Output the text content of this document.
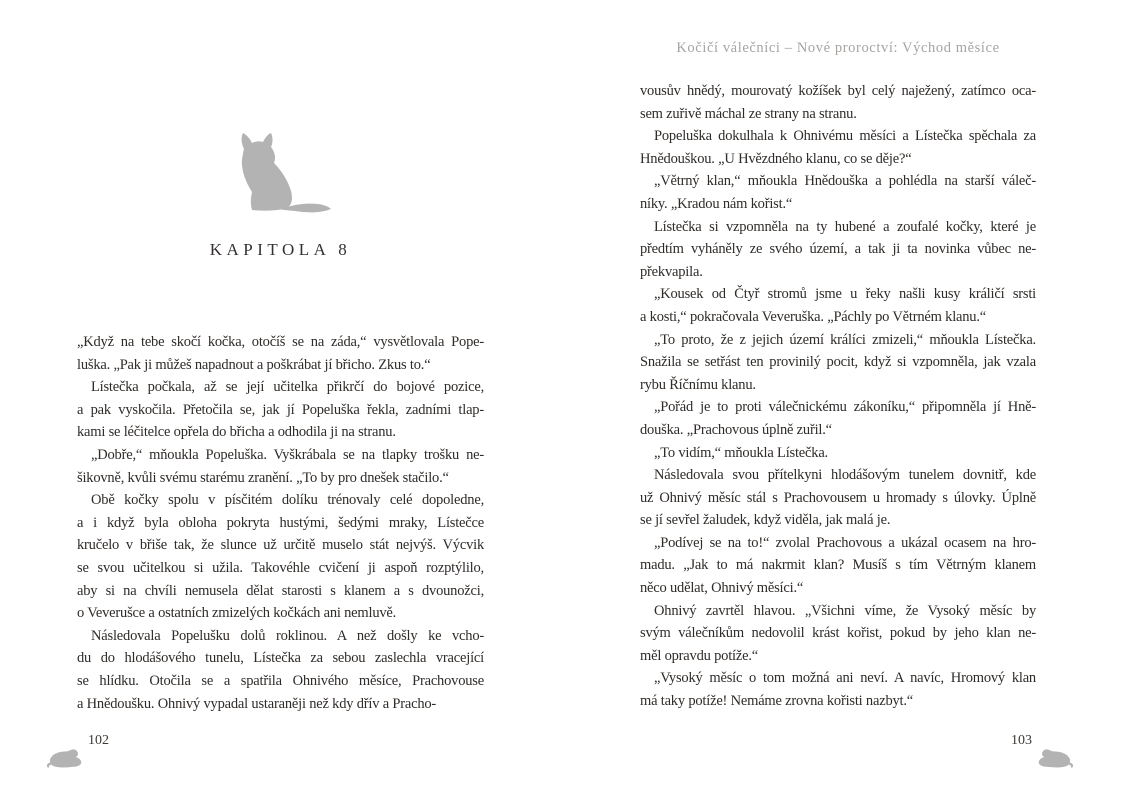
Kočičí válečníci – Nové proroctví: Východ měsíce
KAPITOLA 8
„Když na tebe skočí kočka, otočíš se na záda,“ vysvětlovala Pope-
luška. „Pak ji můžeš napadnout a poškrábat jí břicho. Zkus to.“
Lístečka počkala, až se její učitelka přikrčí do bojové pozice,
a pak vyskočila. Přetočila se, jak jí Popeluška řekla, zadními tlap-
kami se léčitelce opřela do břicha a odhodila ji na stranu.
„Dobře,“ mňoukla Popeluška. Vyškrábala se na tlapky trošku ne-
šikovně, kvůli svému starému zranění. „To by pro dnešek stačilo.“
Obě kočky spolu v písčitém dolíku trénovaly celé dopoledne,
a i když byla obloha pokryta hustými, šedými mraky, Lístečce
kručelo v břiše tak, že slunce už určitě muselo stát nejvýš. Výcvik
se svou učitelkou si užila. Takovéhle cvičení ji aspoň rozptýlilo,
aby si na chvíli nemusela dělat starosti s klanem a s dvounožci,
o Veverušce a ostatních zmizelých kočkách ani nemluvě.
Následovala Popelušku dolů roklinou. A než došly ke vcho-
du do hlodášového tunelu, Lístečka za sebou zaslechla vracející
se hlídku. Otočila se a spatřila Ohnivého měsíce, Prachovouse
a Hnědoušku. Ohnivý vypadal ustaraněji než kdy dřív a Pracho-
vousův hnědý, mourovatý kožíšek byl celý naježený, zatímco oca-
sem zuřivě máchal ze strany na stranu.
Popeluška dokulhala k Ohnivému měsíci a Lístečka spěchala za
Hnědouškou. „U Hvězdného klanu, co se děje?“
„Větrný klan,“ mňoukla Hnědouška a pohlédla na starší váleč-
níky. „Kradou nám kořist.“
Lístečka si vzpomněla na ty hubené a zoufalé kočky, které je
předtím vyháněly ze svého území, a tak ji ta novinka vůbec ne-
překvapila.
„Kousek od Čtyř stromů jsme u řeky našli kusy králičí srsti
a kosti,“ pokračovala Veveruška. „Páchly po Větrném klanu.“
„To proto, že z jejich území králíci zmizeli,“ mňoukla Lístečka.
Snažila se setřást ten provinilý pocit, když si vzpomněla, jak vzala
rybu Říčnímu klanu.
„Pořád je to proti válečnickému zákoníku,“ připomněla jí Hně-
douška. „Prachovous úplně zuřil.“
„To vidím,“ mňoukla Lístečka.
Následovala svou přítelkyni hlodášovým tunelem dovnitř, kde
už Ohnivý měsíc stál s Prachovousem u hromady s úlovky. Úplně
se jí sevřel žaludek, když viděla, jak malá je.
„Podívej se na to!“ zvolal Prachovous a ukázal ocasem na hro-
madu. „Jak to má nakrmit klan? Musíš s tím Větrným klanem
něco udělat, Ohnivý měsíci.“
Ohnivý zavrtěl hlavou. „Všichni víme, že Vysoký měsíc by
svým válečníkům nedovolil krást kořist, pokud by jeho klan ne-
měl opravdu potíže.“
„Vysoký měsíc o tom možná ani neví. A navíc, Hromový klan
má taky potíže! Nemáme zrovna kořisti nazbyt.“
102	103
